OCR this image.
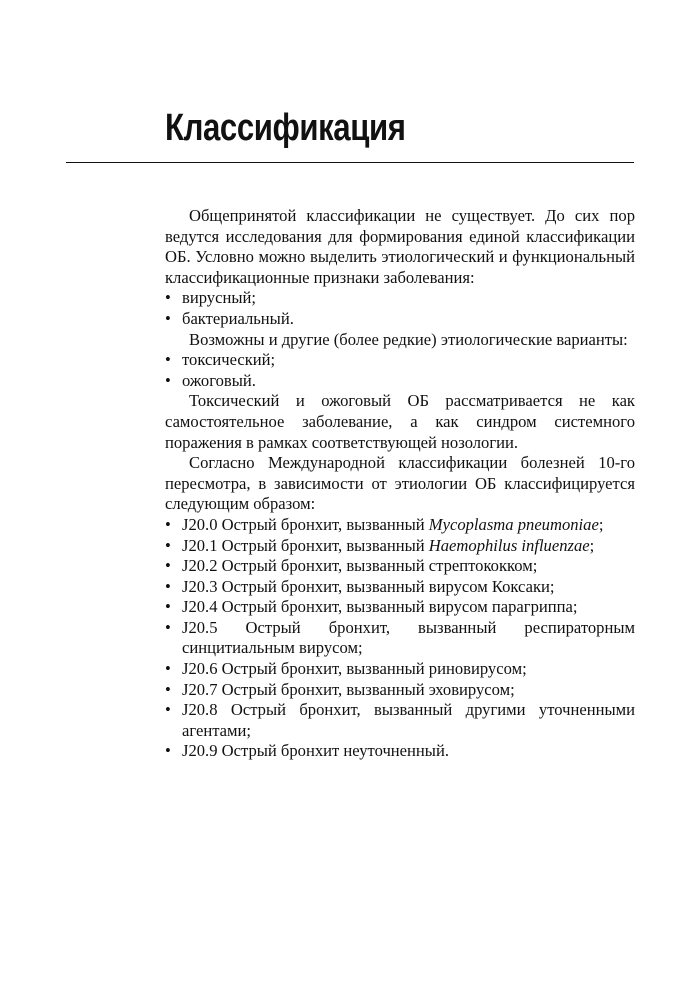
Классификация

Общепринятой классификации не существует. До сих пор ведутся исследования для формирования единой классификации ОБ. Условно можно выделить этиологический и функциональный классификационные признаки заболевания:

• вирусный;
• бактериальный.

Возможны и другие (более редкие) этиологические варианты:

• токсический;
• ожоговый.

Токсический и ожоговый ОБ рассматривается не как самостоятельное заболевание, а как синдром системного поражения в рамках соответствующей нозологии.

Согласно Международной классификации болезней 10-го пересмотра, в зависимости от этиологии ОБ классифицируется следующим образом:

• J20.0 Острый бронхит, вызванный Mycoplasma pneumoniae;
• J20.1 Острый бронхит, вызванный Haemophilus influenzae;
• J20.2 Острый бронхит, вызванный стрептококком;
• J20.3 Острый бронхит, вызванный вирусом Коксаки;
• J20.4 Острый бронхит, вызванный вирусом парагриппа;
• J20.5 Острый бронхит, вызванный респираторным синцитиальным вирусом;
• J20.6 Острый бронхит, вызванный риновирусом;
• J20.7 Острый бронхит, вызванный эховирусом;
• J20.8 Острый бронхит, вызванный другими уточненными агентами;
• J20.9 Острый бронхит неуточненный.
